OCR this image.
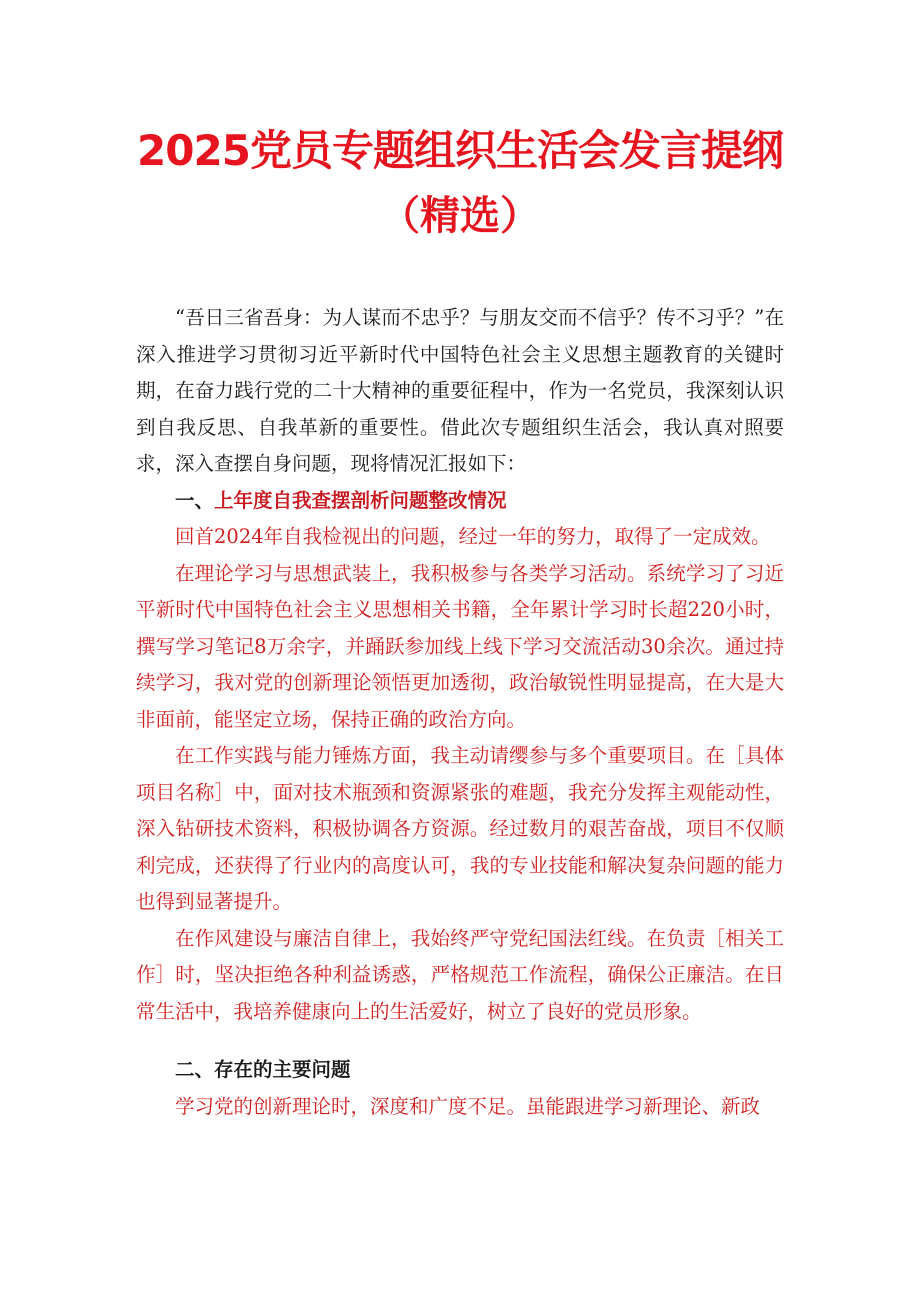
2025党员专题组织生活会发言提纲
（精选）

“吾日三省吾身：为人谋而不忠乎？与朋友交而不信乎？传不习乎？”在深入推进学习贯彻习近平新时代中国特色社会主义思想主题教育的关键时期，在奋力践行党的二十大精神的重要征程中，作为一名党员，我深刻认识到自我反思、自我革新的重要性。借此次专题组织生活会，我认真对照要求，深入查摆自身问题，现将情况汇报如下：

一、上年度自我查摆剖析问题整改情况

回首2024年自我检视出的问题，经过一年的努力，取得了一定成效。

在理论学习与思想武装上，我积极参与各类学习活动。系统学习了习近平新时代中国特色社会主义思想相关书籍，全年累计学习时长超220小时，撰写学习笔记8万余字，并踊跃参加线上线下学习交流活动30余次。通过持续学习，我对党的创新理论领悟更加透彻，政治敏锐性明显提高，在大是大非面前，能坚定立场，保持正确的政治方向。

在工作实践与能力锤炼方面，我主动请缨参与多个重要项目。在［具体项目名称］中，面对技术瓶颈和资源紧张的难题，我充分发挥主观能动性，深入钻研技术资料，积极协调各方资源。经过数月的艰苦奋战，项目不仅顺利完成，还获得了行业内的高度认可，我的专业技能和解决复杂问题的能力也得到显著提升。

在作风建设与廉洁自律上，我始终严守党纪国法红线。在负责［相关工作］时，坚决拒绝各种利益诱惑，严格规范工作流程，确保公正廉洁。在日常生活中，我培养健康向上的生活爱好，树立了良好的党员形象。

二、存在的主要问题

学习党的创新理论时，深度和广度不足。虽能跟进学习新理论、新政
